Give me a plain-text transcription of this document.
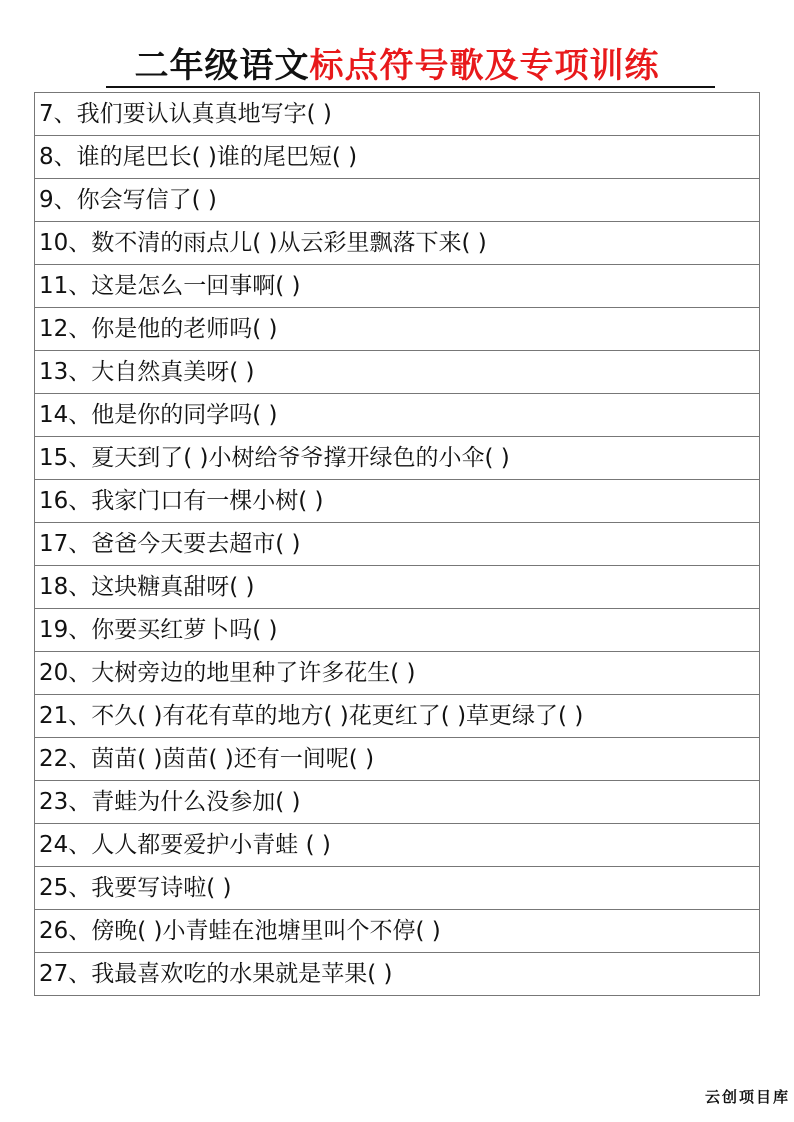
二年级语文标点符号歌及专项训练
7、我们要认认真真地写字( )
8、谁的尾巴长( )谁的尾巴短( )
9、你会写信了( )
10、数不清的雨点儿( )从云彩里飘落下来( )
11、这是怎么一回事啊( )
12、你是他的老师吗( )
13、大自然真美呀( )
14、他是你的同学吗( )
15、夏天到了( )小树给爷爷撑开绿色的小伞( )
16、我家门口有一棵小树( )
17、爸爸今天要去超市( )
18、这块糖真甜呀( )
19、你要买红萝卜吗( )
20、大树旁边的地里种了许多花生( )
21、不久( )有花有草的地方( )花更红了( )草更绿了( )
22、茵苗( )茵苗( )还有一间呢( )
23、青蛙为什么没参加( )
24、人人都要爱护小青蛙 ( )
25、我要写诗啦( )
26、傍晚( )小青蛙在池塘里叫个不停( )
27、我最喜欢吃的水果就是苹果( )
云创项目库
